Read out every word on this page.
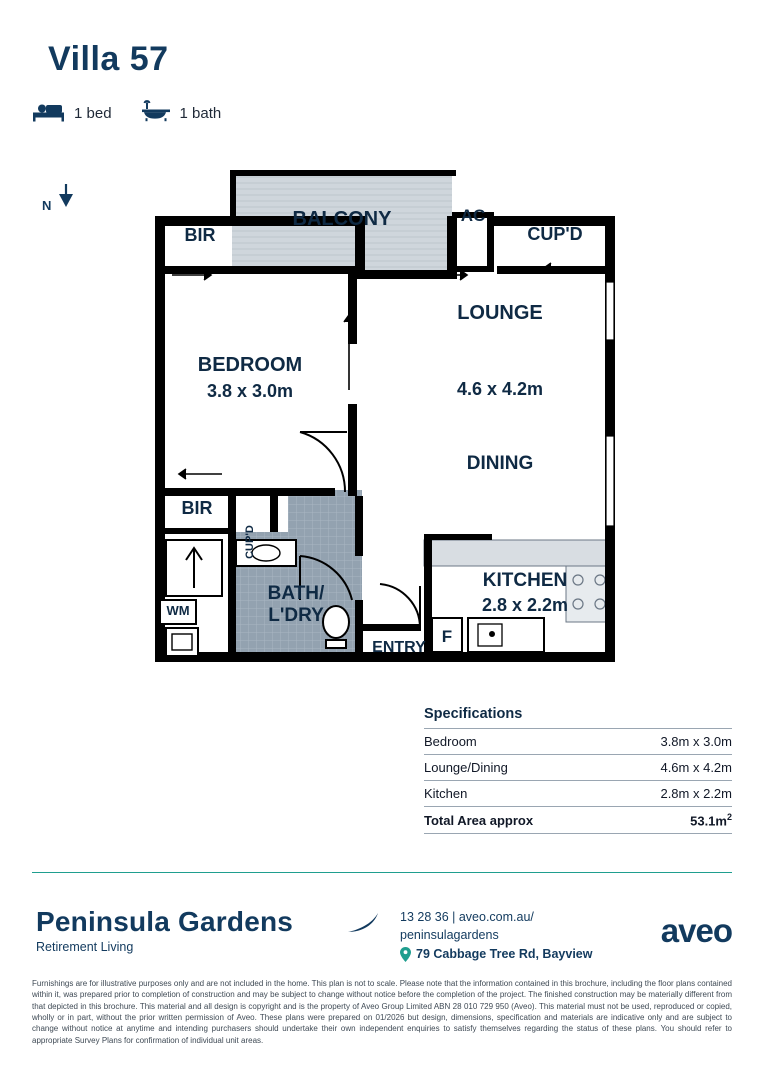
Villa 57
1 bed	1 bath
N
BALCONY	AC
BIR	CUP'D
LOUNGE
4.6 x 4.2m
BEDROOM
3.8 x 3.0m
DINING
BIR
CUP'D
BATH/
L'DRY
WM
KITCHEN
2.8 x 2.2m
F
ENTRY
Specifications
Bedroom	3.8m x 3.0m
Lounge/Dining	4.6m x 4.2m
Kitchen	2.8m x 2.2m
Total Area approx	$53.1m^2$
Peninsula Gardens
Retirement Living
13 28 36 | aveo.com.au/
peninsulagardens
79 Cabbage Tree Rd, Bayview
aveo
Furnishings are for illustrative purposes only and are not included in the home. This plan is not to scale. Please note that the information contained in this brochure, including the floor plans contained within it, was prepared prior to completion of construction and may be subject to change without notice before the completion of the project. The finished construction may be materially different from that depicted in this brochure. This material and all design is copyright and is the property of Aveo Group Limited ABN 28 010 729 950 (Aveo). This material must not be used, reproduced or copied, wholly or in part, without the prior written permission of Aveo. These plans were prepared on 01/2026 but design, dimensions, specification and materials are indicative only and are subject to change without notice at anytime and intending purchasers should undertake their own independent enquiries to satisfy themselves regarding the status of these plans. You should refer to appropriate Survey Plans for confirmation of individual unit areas.
